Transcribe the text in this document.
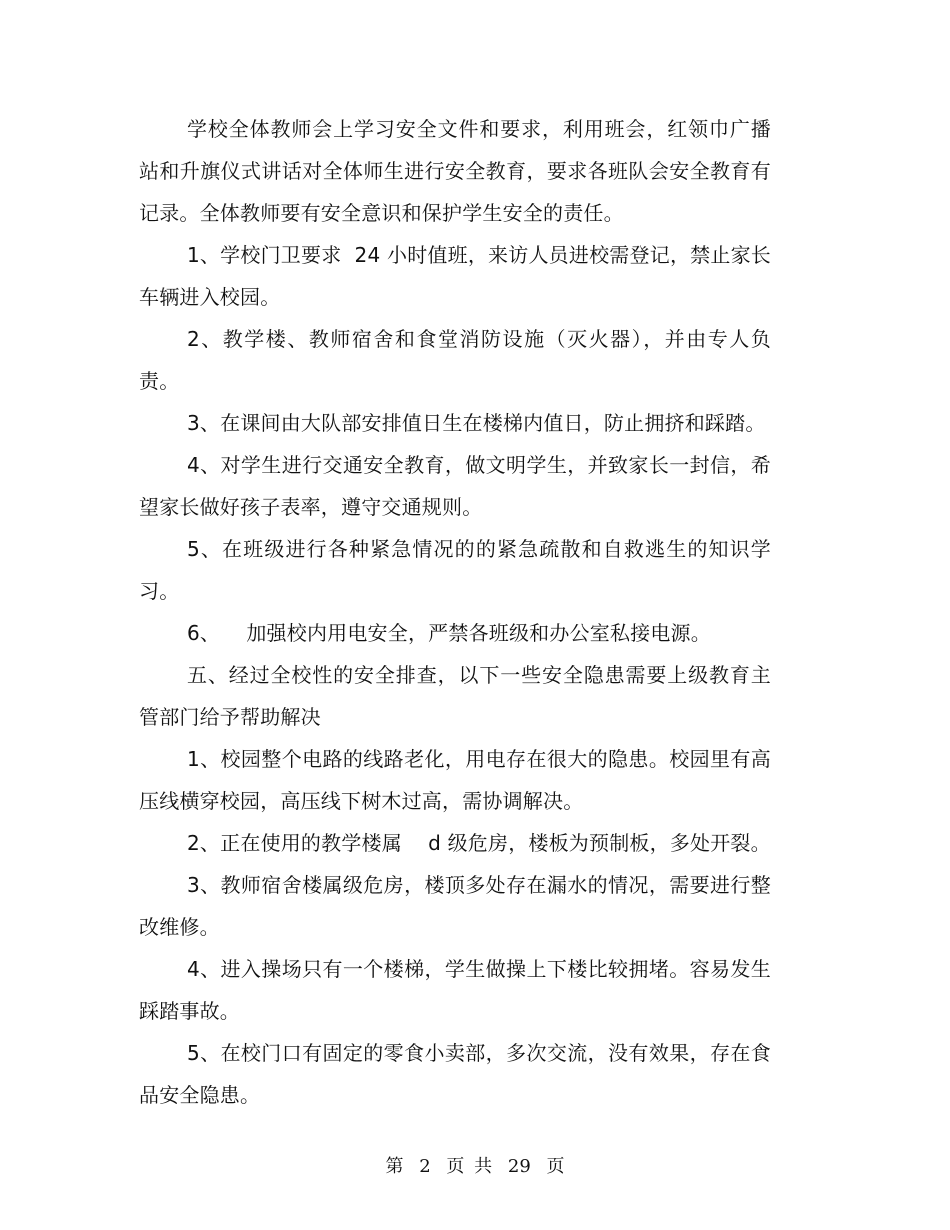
学校全体教师会上学习安全文件和要求，利用班会，红领巾广播站和升旗仪式讲话对全体师生进行安全教育，要求各班队会安全教育有记录。全体教师要有安全意识和保护学生安全的责任。

1、学校门卫要求  24 小时值班，来访人员进校需登记，禁止家长车辆进入校园。

2、教学楼、教师宿舍和食堂消防设施（灭火器），并由专人负责。

3、在课间由大队部安排值日生在楼梯内值日，防止拥挤和踩踏。

4、对学生进行交通安全教育，做文明学生，并致家长一封信，希望家长做好孩子表率，遵守交通规则。

5、在班级进行各种紧急情况的的紧急疏散和自救逃生的知识学习。

6、    加强校内用电安全，严禁各班级和办公室私接电源。

五、经过全校性的安全排查，以下一些安全隐患需要上级教育主管部门给予帮助解决

1、校园整个电路的线路老化，用电存在很大的隐患。校园里有高压线横穿校园，高压线下树木过高，需协调解决。

2、正在使用的教学楼属    d 级危房，楼板为预制板，多处开裂。

3、教师宿舍楼属级危房，楼顶多处存在漏水的情况，需要进行整改维修。

4、进入操场只有一个楼梯，学生做操上下楼比较拥堵。容易发生踩踏事故。

5、在校门口有固定的零食小卖部，多次交流，没有效果，存在食品安全隐患。

第 2 页 共 29 页
